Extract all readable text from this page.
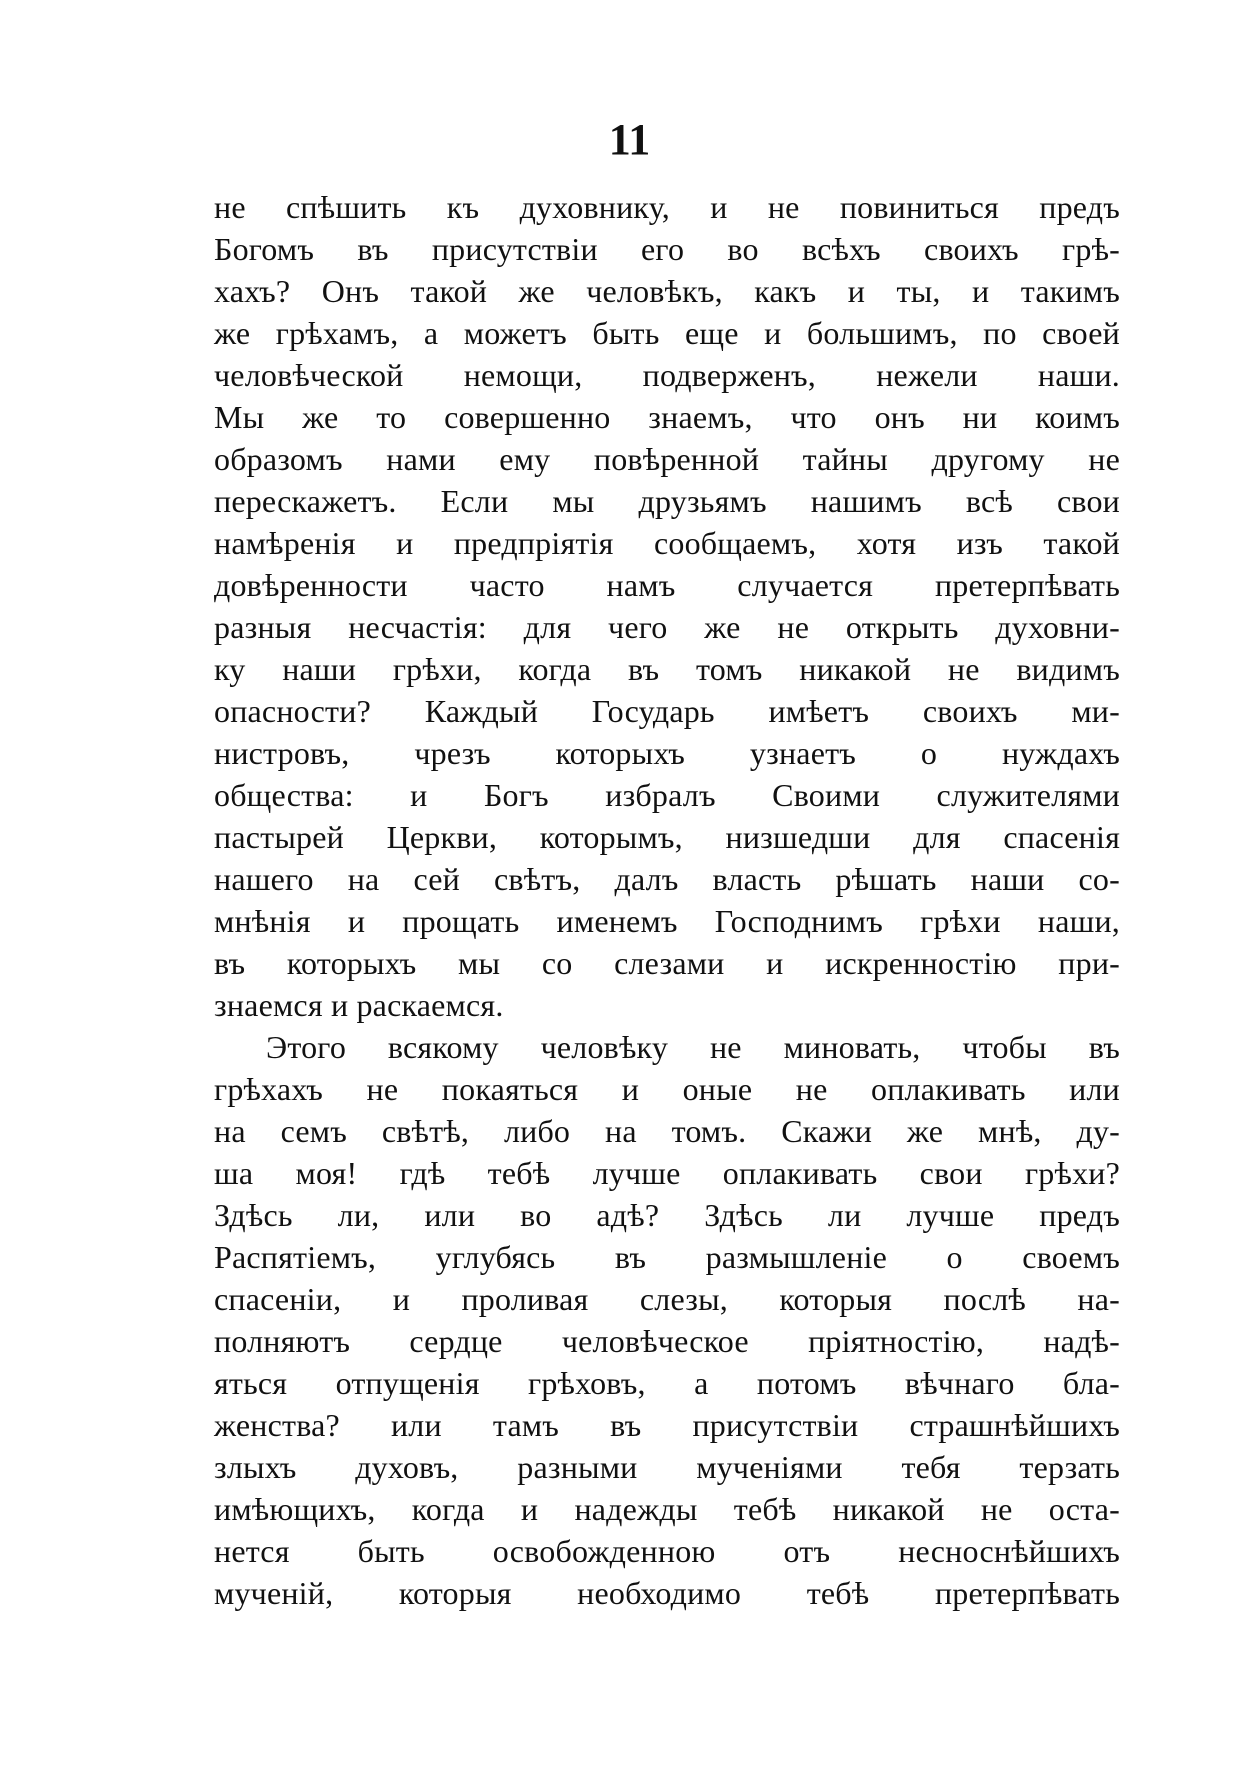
11
не спѣшить къ духовнику, и не повиниться предъ
Богомъ въ присутствіи его во всѣхъ своихъ грѣ-
хахъ? Онъ такой же человѣкъ, какъ и ты, и такимъ
же грѣхамъ, а можетъ быть еще и большимъ, по своей
человѣческой немощи, подверженъ, нежели наши.
Мы же то совершенно знаемъ, что онъ ни коимъ
образомъ нами ему повѣренной тайны другому не
перескажетъ. Если мы друзьямъ нашимъ всѣ свои
намѣренія и предпріятія сообщаемъ, хотя изъ такой
довѣренности часто намъ случается претерпѣвать
разныя несчастія: для чего же не открыть духовни-
ку наши грѣхи, когда въ томъ никакой не видимъ
опасности? Каждый Государь имѣетъ своихъ ми-
нистровъ, чрезъ которыхъ узнаетъ о нуждахъ
общества: и Богъ избралъ Своими служителями
пастырей Церкви, которымъ, низшедши для спасенія
нашего на сей свѣтъ, далъ власть рѣшать наши со-
мнѣнія и прощать именемъ Господнимъ грѣхи наши,
въ которыхъ мы со слезами и искренностію при-
знаемся и раскаемся.
Этого всякому человѣку не миновать, чтобы въ
грѣхахъ не покаяться и оные не оплакивать или
на семъ свѣтѣ, либо на томъ. Скажи же мнѣ, ду-
ша моя! гдѣ тебѣ лучше оплакивать свои грѣхи?
Здѣсь ли, или во адѣ? Здѣсь ли лучше предъ
Распятіемъ, углубясь въ размышленіе о своемъ
спасеніи, и проливая слезы, которыя послѣ на-
полняютъ сердце человѣческое пріятностію, надѣ-
яться отпущенія грѣховъ, а потомъ вѣчнаго бла-
женства? или тамъ въ присутствіи страшнѣйшихъ
злыхъ духовъ, разными мученіями тебя терзать
имѣющихъ, когда и надежды тебѣ никакой не оста-
нется быть освобожденною отъ несноснѣйшихъ
мученій, которыя необходимо тебѣ претерпѣвать
